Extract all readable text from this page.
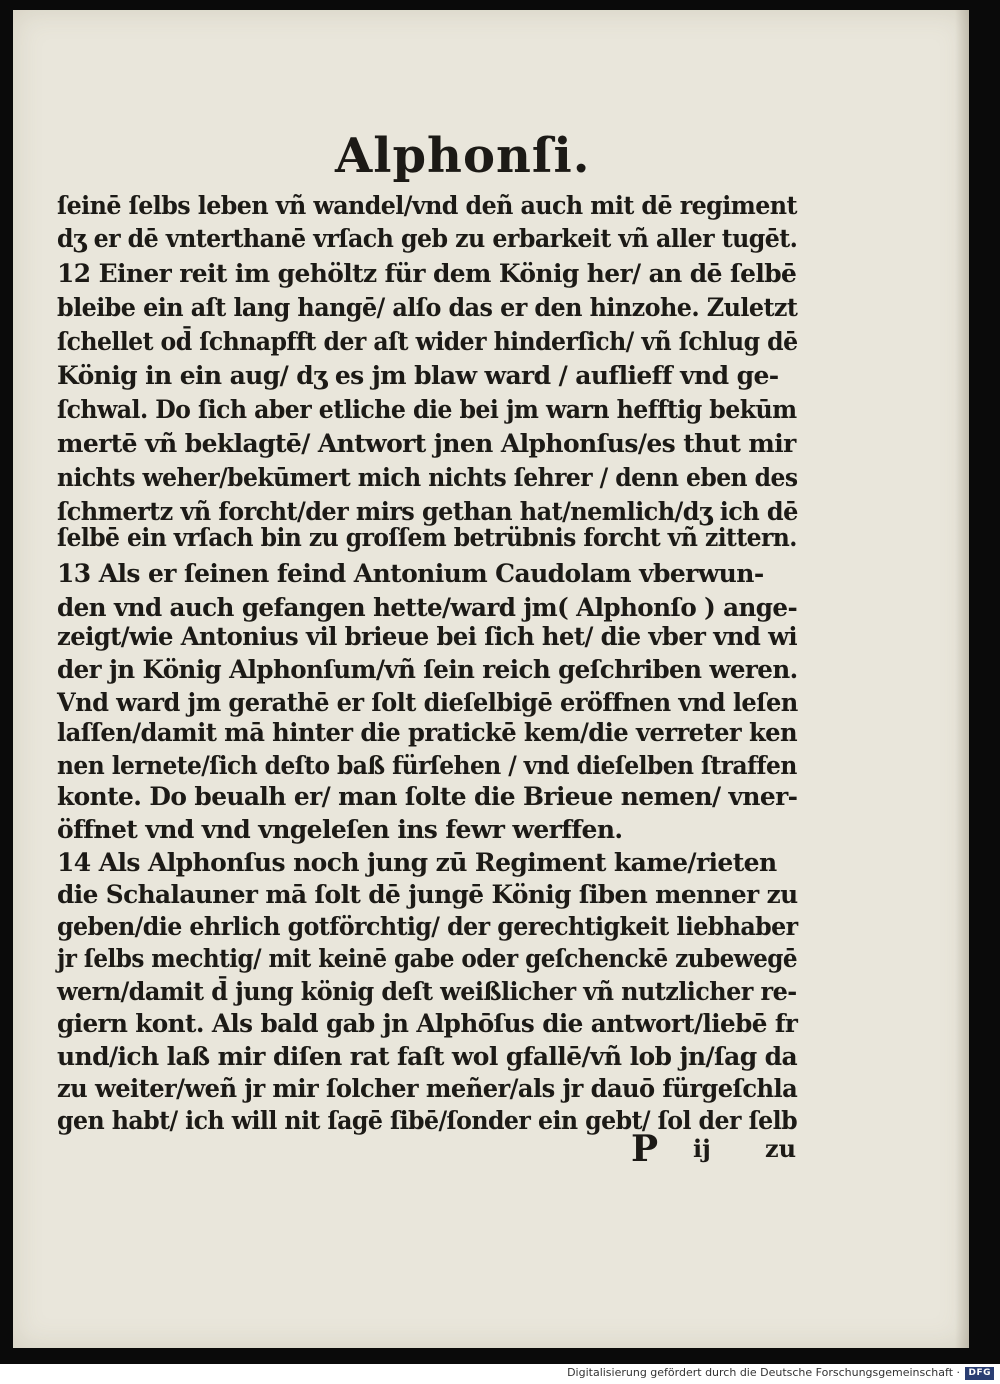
Alphonſi.
ſeinē ſelbs leben vñ wandel/vnd deñ auch mit dē regiment
dʒ er dē vnterthanē vrſach geb zu erbarkeit vñ aller tugēt.
12 Einer reit im gehöltz für dem König her/ an dē ſelbē
bleibe ein aſt lang hangē/ alſo das er den hinzohe. Zuletzt
ſchellet od̄ ſchnapfft der aſt wider hinderſich/ vñ ſchlug dē
König in ein aug/ dʒ es jm blaw ward / auflieff vnd ge-
ſchwal. Do ſich aber etliche die bei jm warn hefftig bekūm
mertē vñ beklagtē/ Antwort jnen Alphonſus/es thut mir
nichts weher/bekūmert mich nichts ſehrer / denn eben des
ſchmertz vñ forcht/der mirs gethan hat/nemlich/dʒ ich dē
ſelbē ein vrſach bin zu groſſem betrübnis forcht vñ zittern.
13 Als er ſeinen feind Antonium Caudolam vberwun-
den vnd auch gefangen hette/ward jm( Alphonſo ) ange-
zeigt/wie Antonius vil brieue bei ſich het/ die vber vnd wi
der jn König Alphonſum/vñ ſein reich geſchriben weren.
Vnd ward jm gerathē er ſolt dieſelbigē eröffnen vnd leſen
laſſen/damit mā hinter die pratickē kem/die verreter ken
nen lernete/ſich deſto baß fürſehen / vnd dieſelben ſtraffen
konte. Do beualh er/ man ſolte die Brieue nemen/ vner-
öffnet vnd vnd vngeleſen ins fewr werffen.
14 Als Alphonſus noch jung zū Regiment kame/rieten
die Schalauner mā ſolt dē jungē König ſiben menner zu
geben/die ehrlich gotförchtig/ der gerechtigkeit liebhaber
jr ſelbs mechtig/ mit keinē gabe oder geſchenckē zubewegē
wern/damit d̄ jung könig deſt weißlicher vñ nutzlicher re-
giern kont. Als bald gab jn Alphōſus die antwort/liebē fr
und/ich laß mir diſen rat faſt wol gfallē/vñ lob jn/ſag da
zu weiter/weñ jr mir ſolcher meñer/als jr dauō fürgeſchla
gen habt/ ich will nit ſagē ſibē/ſonder ein gebt/ ſol der ſelb
P ij zu
Digitalisierung gefördert durch die Deutsche Forschungsgemeinschaft · DFG
